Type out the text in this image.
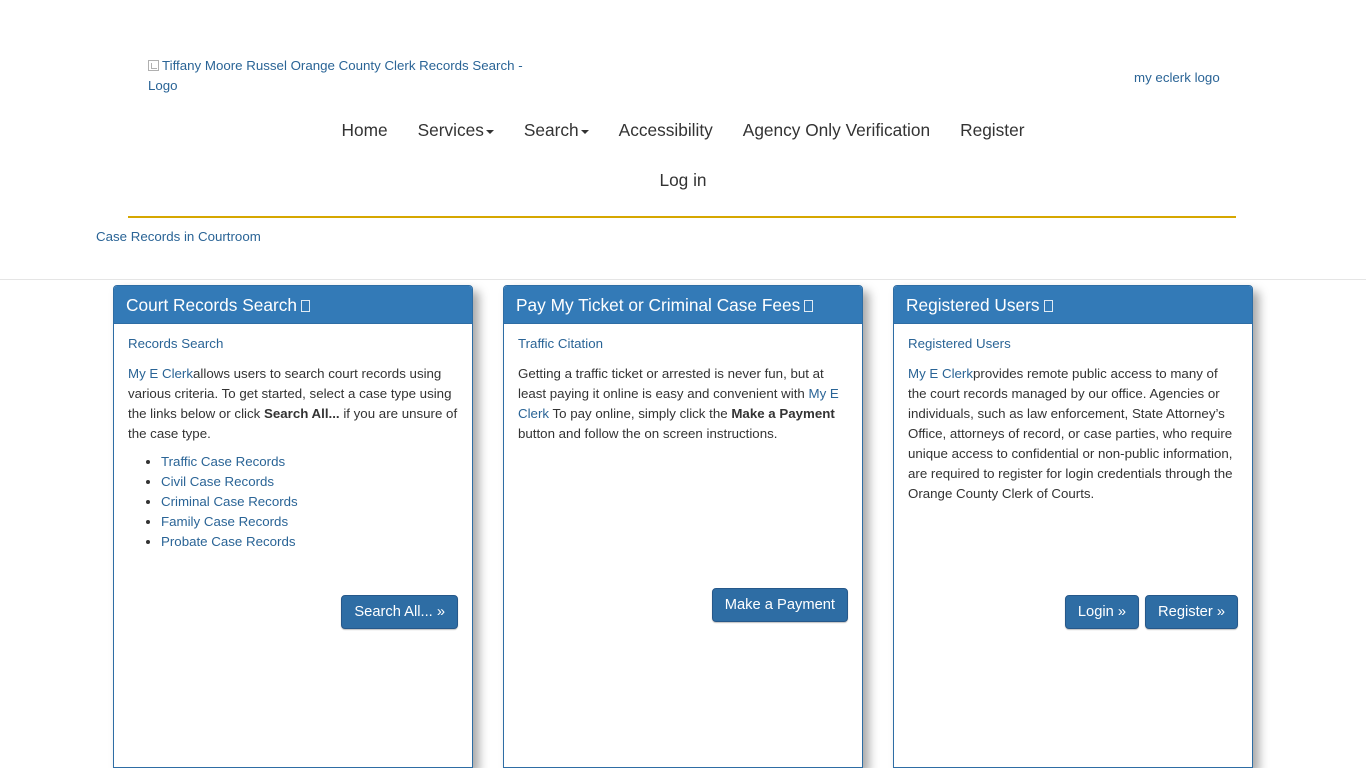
Tiffany Moore Russel Orange County Clerk Records Search - Logo
my eclerk logo
Home Services Search Accessibility Agency Only Verification Register
Log in
Case Records in Courtroom
Court Records Search
Records Search

My E Clerkallows users to search court records using various criteria. To get started, select a case type using the links below or click Search All... if you are unsure of the case type.

• Traffic Case Records
• Civil Case Records
• Criminal Case Records
• Family Case Records
• Probate Case Records
Search All... »
Pay My Ticket or Criminal Case Fees
Traffic Citation

Getting a traffic ticket or arrested is never fun, but at least paying it online is easy and convenient with My E Clerk To pay online, simply click the Make a Payment button and follow the on screen instructions.

Make a Payment
Registered Users
Registered Users

My E Clerkprovides remote public access to many of the court records managed by our office. Agencies or individuals, such as law enforcement, State Attorney’s Office, attorneys of record, or case parties, who require unique access to confidential or non-public information, are required to register for login credentials through the Orange County Clerk of Courts.

Login » Register »
